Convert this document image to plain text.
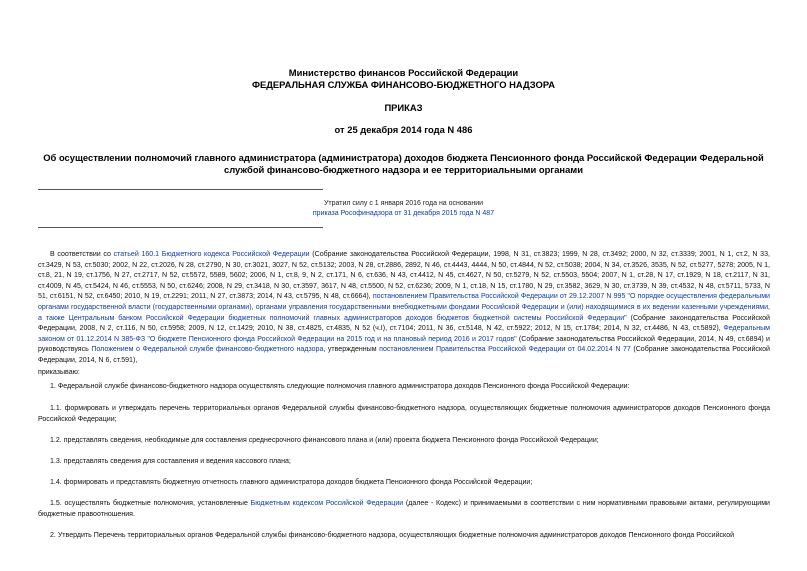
Министерство финансов Российской Федерации
ФЕДЕРАЛЬНАЯ СЛУЖБА ФИНАНСОВО-БЮДЖЕТНОГО НАДЗОРА
ПРИКАЗ
от 25 декабря 2014 года N 486
Об осуществлении полномочий главного администратора (администратора) доходов бюджета Пенсионного фонда Российской Федерации Федеральной службой финансово-бюджетного надзора и ее территориальными органами
Утратил силу с 1 января 2016 года на основании
приказа Рософинадзора от 31 декабря 2015 года N 487
В соответствии со статьей 160.1 Бюджетного кодекса Российской Федерации (Собрание законодательства Российской Федерации, 1998, N 31, ст.3823; 1999, N 28, ст.3492; 2000, N 32, ст.3339; 2001, N 1, ст.2, N 33, ст.3429, N 53, ст.5030; 2002, N 22, ст.2026, N 28, ст.2790, N 30, ст.3021, 3027, N 52, ст.5132; 2003, N 28, ст.2886, 2892, N 46, ст.4443, 4444, N 50, ст.4844, N 52, ст.5038; 2004, N 34, ст.3526, 3535, N 52, ст.5277, 5278; 2005, N 1, ст.8, 21, N 19, ст.1756, N 27, ст.2717, N 52, ст.5572, 5589, 5602; 2006, N 1, ст.8, 9, N 2, ст.171, N 6, ст.636, N 43, ст.4412, N 45, ст.4627, N 50, ст.5279, N 52, ст.5503, 5504; 2007, N 1, ст.28, N 17, ст.1929, N 18, ст.2117, N 31, ст.4009, N 45, ст.5424, N 46, ст.5553, N 50, ст.6246; 2008, N 29, ст.3418, N 30, ст.3597, 3617, N 48, ст.5500, N 52, ст.6236; 2009, N 1, ст.18, N 15, ст.1780, N 29, ст.3582, 3629, N 30, ст.3739, N 39, ст.4532, N 48, ст.5711, 5733, N 51, ст.6151, N 52, ст.6450; 2010, N 19, ст.2291; 2011, N 27, ст.3873; 2014, N 43, ст.5795, N 48, ст.6664), постановлением Правительства Российской Федерации от 29.12.2007 N 995 "О порядке осуществления федеральными органами государственной власти (государственными органами), органами управления государственными внебюджетными фондами Российской Федерации и (или) находящимися в их ведении казенными учреждениями, а также Центральным банком Российской Федерации бюджетных полномочий главных администраторов доходов бюджетов бюджетной системы Российской Федерации" (Собрание законодательства Российской Федерации, 2008, N 2, ст.116, N 50, ст.5958; 2009, N 12, ст.1429; 2010, N 38, ст.4825, ст.4835, N 52 (ч.I), ст.7104; 2011, N 36, ст.5148, N 42, ст.5922; 2012, N 15, ст.1784; 2014, N 32, ст.4486, N 43, ст.5892), Федеральным законом от 01.12.2014 N 385-ФЗ "О бюджете Пенсионного фонда Российской Федерации на 2015 год и на плановый период 2016 и 2017 годов" (Собрание законодательства Российской Федерации, 2014, N 49, ст.6894) и руководствуясь Положением о Федеральной службе финансово-бюджетного надзора, утвержденным постановлением Правительства Российской Федерации от 04.02.2014 N 77 (Собрание законодательства Российской Федерации, 2014, N 6, ст.591),
приказываю:
1. Федеральной службе финансово-бюджетного надзора осуществлять следующие полномочия главного администратора доходов Пенсионного фонда Российской Федерации:
1.1. формировать и утверждать перечень территориальных органов Федеральной службы финансово-бюджетного надзора, осуществляющих бюджетные полномочия администраторов доходов Пенсионного фонда Российской Федерации;
1.2. представлять сведения, необходимые для составления среднесрочного финансового плана и (или) проекта бюджета Пенсионного фонда Российской Федерации;
1.3. представлять сведения для составления и ведения кассового плана;
1.4. формировать и представлять бюджетную отчетность главного администратора доходов бюджета Пенсионного фонда Российской Федерации;
1.5. осуществлять бюджетные полномочия, установленные Бюджетным кодексом Российской Федерации (далее - Кодекс) и принимаемыми в соответствии с ним нормативными правовыми актами, регулирующими бюджетные правоотношения.
2. Утвердить Перечень территориальных органов Федеральной службы финансово-бюджетного надзора, осуществляющих бюджетные полномочия администраторов доходов Пенсионного фонда Российской
